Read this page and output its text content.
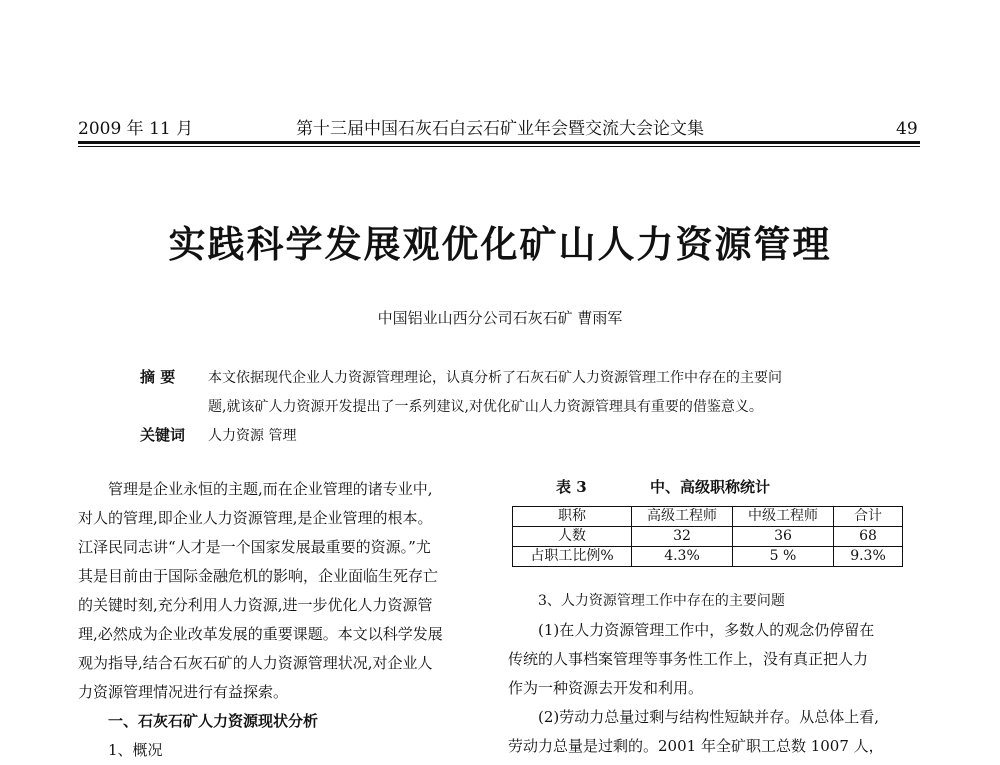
2009 年 11 月	第十三届中国石灰石白云石矿业年会暨交流大会论文集	49
实践科学发展观优化矿山人力资源管理
中国铝业山西分公司石灰石矿 曹雨军
摘 要 本文依据现代企业人力资源管理理论，认真分析了石灰石矿人力资源管理工作中存在的主要问
题,就该矿人力资源开发提出了一系列建议,对优化矿山人力资源管理具有重要的借鉴意义。
关键词 人力资源 管理

管理是企业永恒的主题,而在企业管理的诸专业中,

对人的管理,即企业人力资源管理,是企业管理的根本。

江泽民同志讲“人才是一个国家发展最重要的资源。”尤

其是目前由于国际金融危机的影响，企业面临生死存亡

的关键时刻,充分利用人力资源,进一步优化人力资源管

理,必然成为企业改革发展的重要课题。本文以科学发展

观为指导,结合石灰石矿的人力资源管理状况,对企业人

力资源管理情况进行有益探索。

一、石灰石矿人力资源现状分析

1、概况

表 3	中、高级职称统计
职称	高级工程师	中级工程师	合计
人数	32	36	68
占职工比例%	4.3%	5 %	9.3%

3、人力资源管理工作中存在的主要问题

(1)在人力资源管理工作中，多数人的观念仍停留在

传统的人事档案管理等事务性工作上，没有真正把人力

作为一种资源去开发和利用。

(2)劳动力总量过剩与结构性短缺并存。从总体上看,

劳动力总量是过剩的。2001 年全矿职工总数 1007 人，
